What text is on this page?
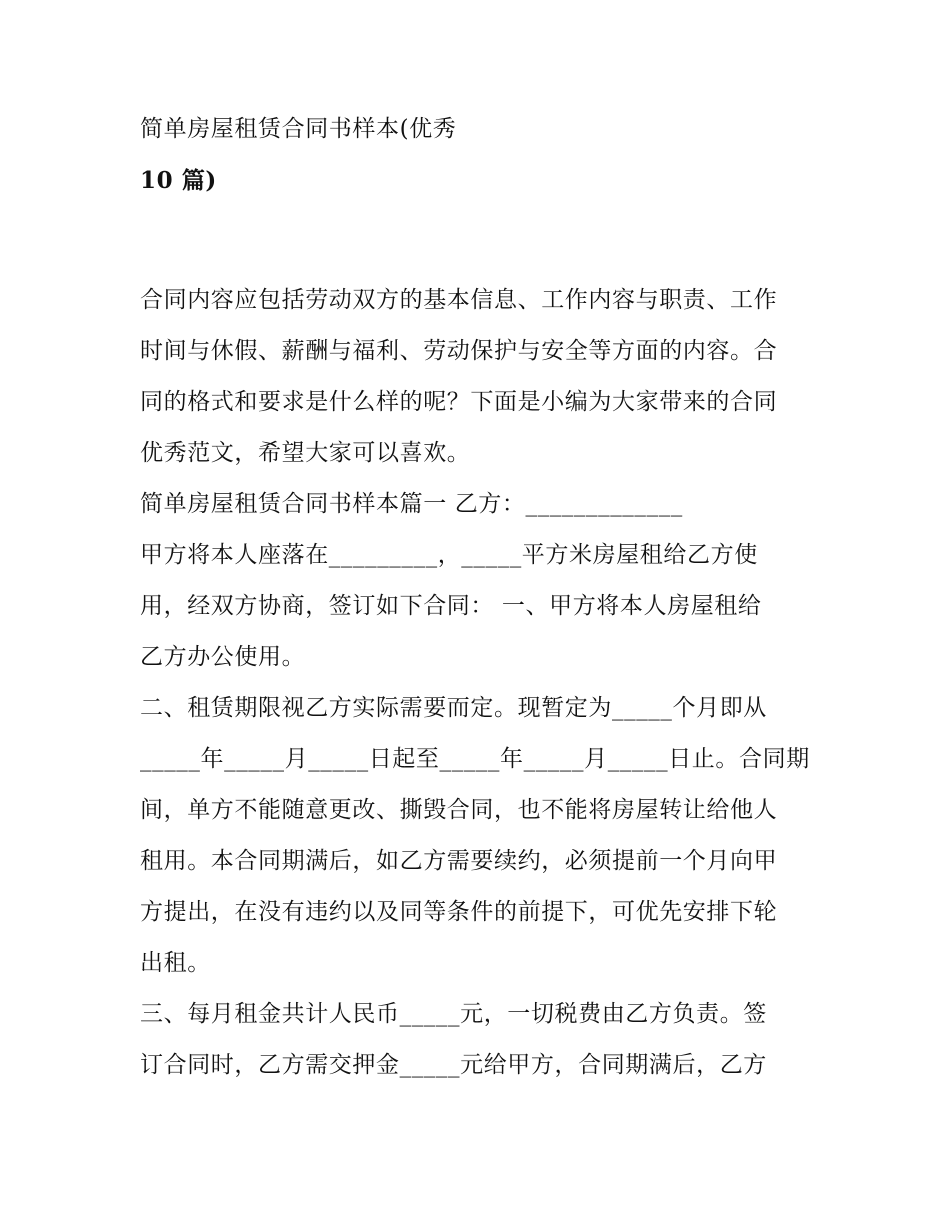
简单房屋租赁合同书样本(优秀
10 篇)
合同内容应包括劳动双方的基本信息、工作内容与职责、工作
时间与休假、薪酬与福利、劳动保护与安全等方面的内容。合
同的格式和要求是什么样的呢？下面是小编为大家带来的合同
优秀范文，希望大家可以喜欢。
简单房屋租赁合同书样本篇一 乙方：_____________
甲方将本人座落在_________，_____平方米房屋租给乙方使
用，经双方协商，签订如下合同： 一、甲方将本人房屋租给
乙方办公使用。
二、租赁期限视乙方实际需要而定。现暂定为_____个月即从
_____年_____月_____日起至_____年_____月_____日止。合同期
间，单方不能随意更改、撕毁合同，也不能将房屋转让给他人
租用。本合同期满后，如乙方需要续约，必须提前一个月向甲
方提出，在没有违约以及同等条件的前提下，可优先安排下轮
出租。
三、每月租金共计人民币_____元，一切税费由乙方负责。签
订合同时，乙方需交押金_____元给甲方，合同期满后，乙方
